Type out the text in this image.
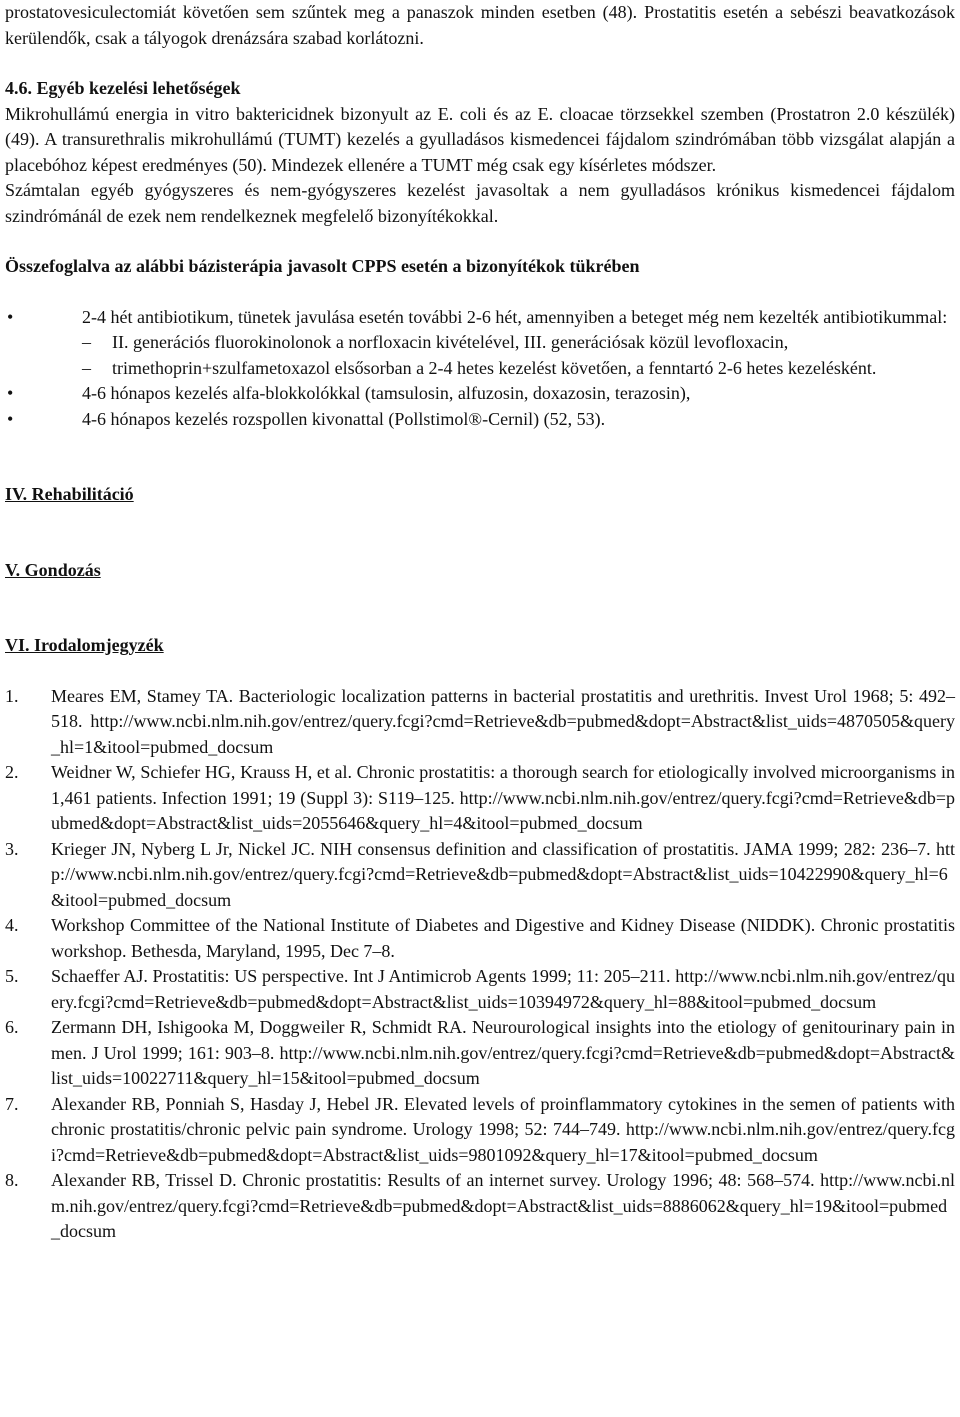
prostatovesiculectomiát követően sem szűntek meg a panaszok minden esetben (48). Prostatitis esetén a sebészi beavatkozások kerülendők, csak a tályogok drenázsára szabad korlátozni.

4.6. Egyéb kezelési lehetőségek

Mikrohullámú energia in vitro baktericidnek bizonyult az E. coli és az E. cloacae törzsekkel szemben (Prostatron 2.0 készülék) (49). A transurethralis mikrohullámú (TUMT) kezelés a gyulladásos kismedencei fájdalom szindrómában több vizsgálat alapján a placebóhoz képest eredményes (50). Mindezek ellenére a TUMT még csak egy kísérletes módszer.

Számtalan egyéb gyógyszeres és nem-gyógyszeres kezelést javasoltak a nem gyulladásos krónikus kismedencei fájdalom szindrómánál de ezek nem rendelkeznek megfelelő bizonyítékokkal.

Összefoglalva az alábbi bázisterápia javasolt CPPS esetén a bizonyítékok tükrében

•	2-4 hét antibiotikum, tünetek javulása esetén további 2-6 hét, amennyiben a beteget még nem kezelték antibiotikummal:
–	II. generációs fluorokinolonok a norfloxacin kivételével, III. generációsak közül levofloxacin,
–	trimethoprin+szulfametoxazol elsősorban a 2-4 hetes kezelést követően, a fenntartó 2-6 hetes kezelésként.
•	4-6 hónapos kezelés alfa-blokkolókkal (tamsulosin, alfuzosin, doxazosin, terazosin),
•	4-6 hónapos kezelés rozspollen kivonattal (Pollstimol®-Cernil) (52, 53).

IV. Rehabilitáció

V. Gondozás

VI. Irodalomjegyzék

1.	Meares EM, Stamey TA. Bacteriologic localization patterns in bacterial prostatitis and urethritis. Invest Urol 1968; 5: 492–518. http://www.ncbi.nlm.nih.gov/entrez/query.fcgi?cmd=Retrieve&db=pubmed&dopt=Abstract&list_uids=4870505&query_hl=1&itool=pubmed_docsum
2.	Weidner W, Schiefer HG, Krauss H, et al. Chronic prostatitis: a thorough search for etiologically involved microorganisms in 1,461 patients. Infection 1991; 19 (Suppl 3): S119–125. http://www.ncbi.nlm.nih.gov/entrez/query.fcgi?cmd=Retrieve&db=pubmed&dopt=Abstract&list_uids=2055646&query_hl=4&itool=pubmed_docsum
3.	Krieger JN, Nyberg L Jr, Nickel JC. NIH consensus definition and classification of prostatitis. JAMA 1999; 282: 236–7. http://www.ncbi.nlm.nih.gov/entrez/query.fcgi?cmd=Retrieve&db=pubmed&dopt=Abstract&list_uids=10422990&query_hl=6&itool=pubmed_docsum
4.	Workshop Committee of the National Institute of Diabetes and Digestive and Kidney Disease (NIDDK). Chronic prostatitis workshop. Bethesda, Maryland, 1995, Dec 7–8.
5.	Schaeffer AJ. Prostatitis: US perspective. Int J Antimicrob Agents 1999; 11: 205–211. http://www.ncbi.nlm.nih.gov/entrez/query.fcgi?cmd=Retrieve&db=pubmed&dopt=Abstract&list_uids=10394972&query_hl=88&itool=pubmed_docsum
6.	Zermann DH, Ishigooka M, Doggweiler R, Schmidt RA. Neurourological insights into the etiology of genitourinary pain in men. J Urol 1999; 161: 903–8. http://www.ncbi.nlm.nih.gov/entrez/query.fcgi?cmd=Retrieve&db=pubmed&dopt=Abstract&list_uids=10022711&query_hl=15&itool=pubmed_docsum
7.	Alexander RB, Ponniah S, Hasday J, Hebel JR. Elevated levels of proinflammatory cytokines in the semen of patients with chronic prostatitis/chronic pelvic pain syndrome. Urology 1998; 52: 744–749. http://www.ncbi.nlm.nih.gov/entrez/query.fcgi?cmd=Retrieve&db=pubmed&dopt=Abstract&list_uids=9801092&query_hl=17&itool=pubmed_docsum
8.	Alexander RB, Trissel D. Chronic prostatitis: Results of an internet survey. Urology 1996; 48: 568–574. http://www.ncbi.nlm.nih.gov/entrez/query.fcgi?cmd=Retrieve&db=pubmed&dopt=Abstract&list_uids=8886062&query_hl=19&itool=pubmed_docsum
